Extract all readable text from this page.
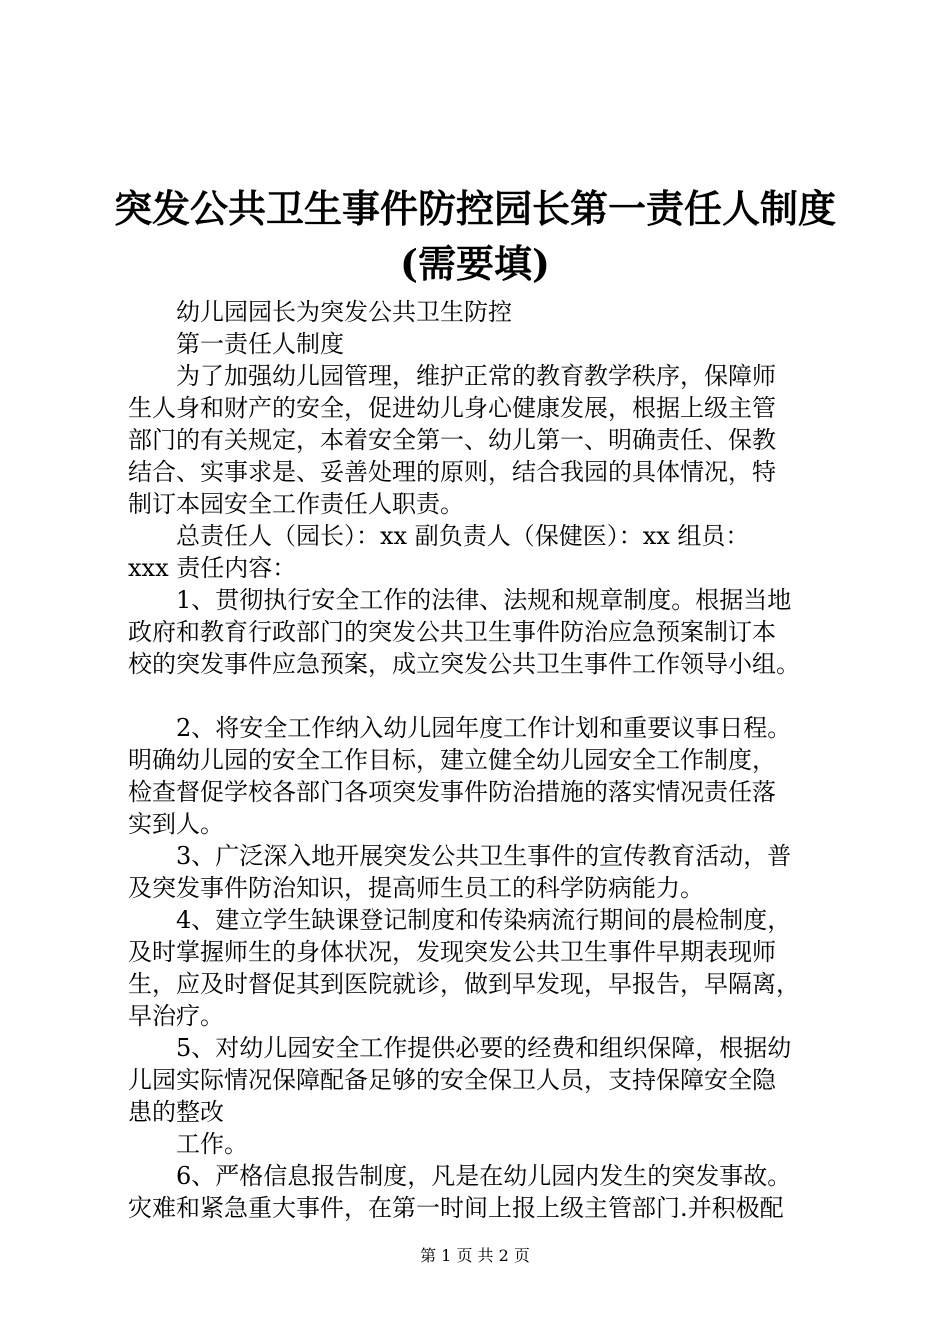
突发公共卫生事件防控园长第一责任人制度
(需要填)
　　幼儿园园长为突发公共卫生防控
　　第一责任人制度
　　为了加强幼儿园管理，维护正常的教育教学秩序，保障师
生人身和财产的安全，促进幼儿身心健康发展，根据上级主管
部门的有关规定，本着安全第一、幼儿第一、明确责任、保教
结合、实事求是、妥善处理的原则，结合我园的具体情况，特
制订本园安全工作责任人职责。
　　总责任人（园长）：xx 副负责人（保健医）：xx 组员：
xxx 责任内容：
　　1、贯彻执行安全工作的法律、法规和规章制度。根据当地
政府和教育行政部门的突发公共卫生事件防治应急预案制订本
校的突发事件应急预案，成立突发公共卫生事件工作领导小组。
　　2、将安全工作纳入幼儿园年度工作计划和重要议事日程。
明确幼儿园的安全工作目标，建立健全幼儿园安全工作制度，
检查督促学校各部门各项突发事件防治措施的落实情况责任落
实到人。
　　3、广泛深入地开展突发公共卫生事件的宣传教育活动，普
及突发事件防治知识，提高师生员工的科学防病能力。
　　4、建立学生缺课登记制度和传染病流行期间的晨检制度，
及时掌握师生的身体状况，发现突发公共卫生事件早期表现师
生，应及时督促其到医院就诊，做到早发现，早报告，早隔离，
早治疗。
　　5、对幼儿园安全工作提供必要的经费和组织保障，根据幼
儿园实际情况保障配备足够的安全保卫人员，支持保障安全隐
患的整改
　　工作。
　　6、严格信息报告制度，凡是在幼儿园内发生的突发事故。
灾难和紧急重大事件，在第一时间上报上级主管部门.并积极配
第 1 页 共 2 页
